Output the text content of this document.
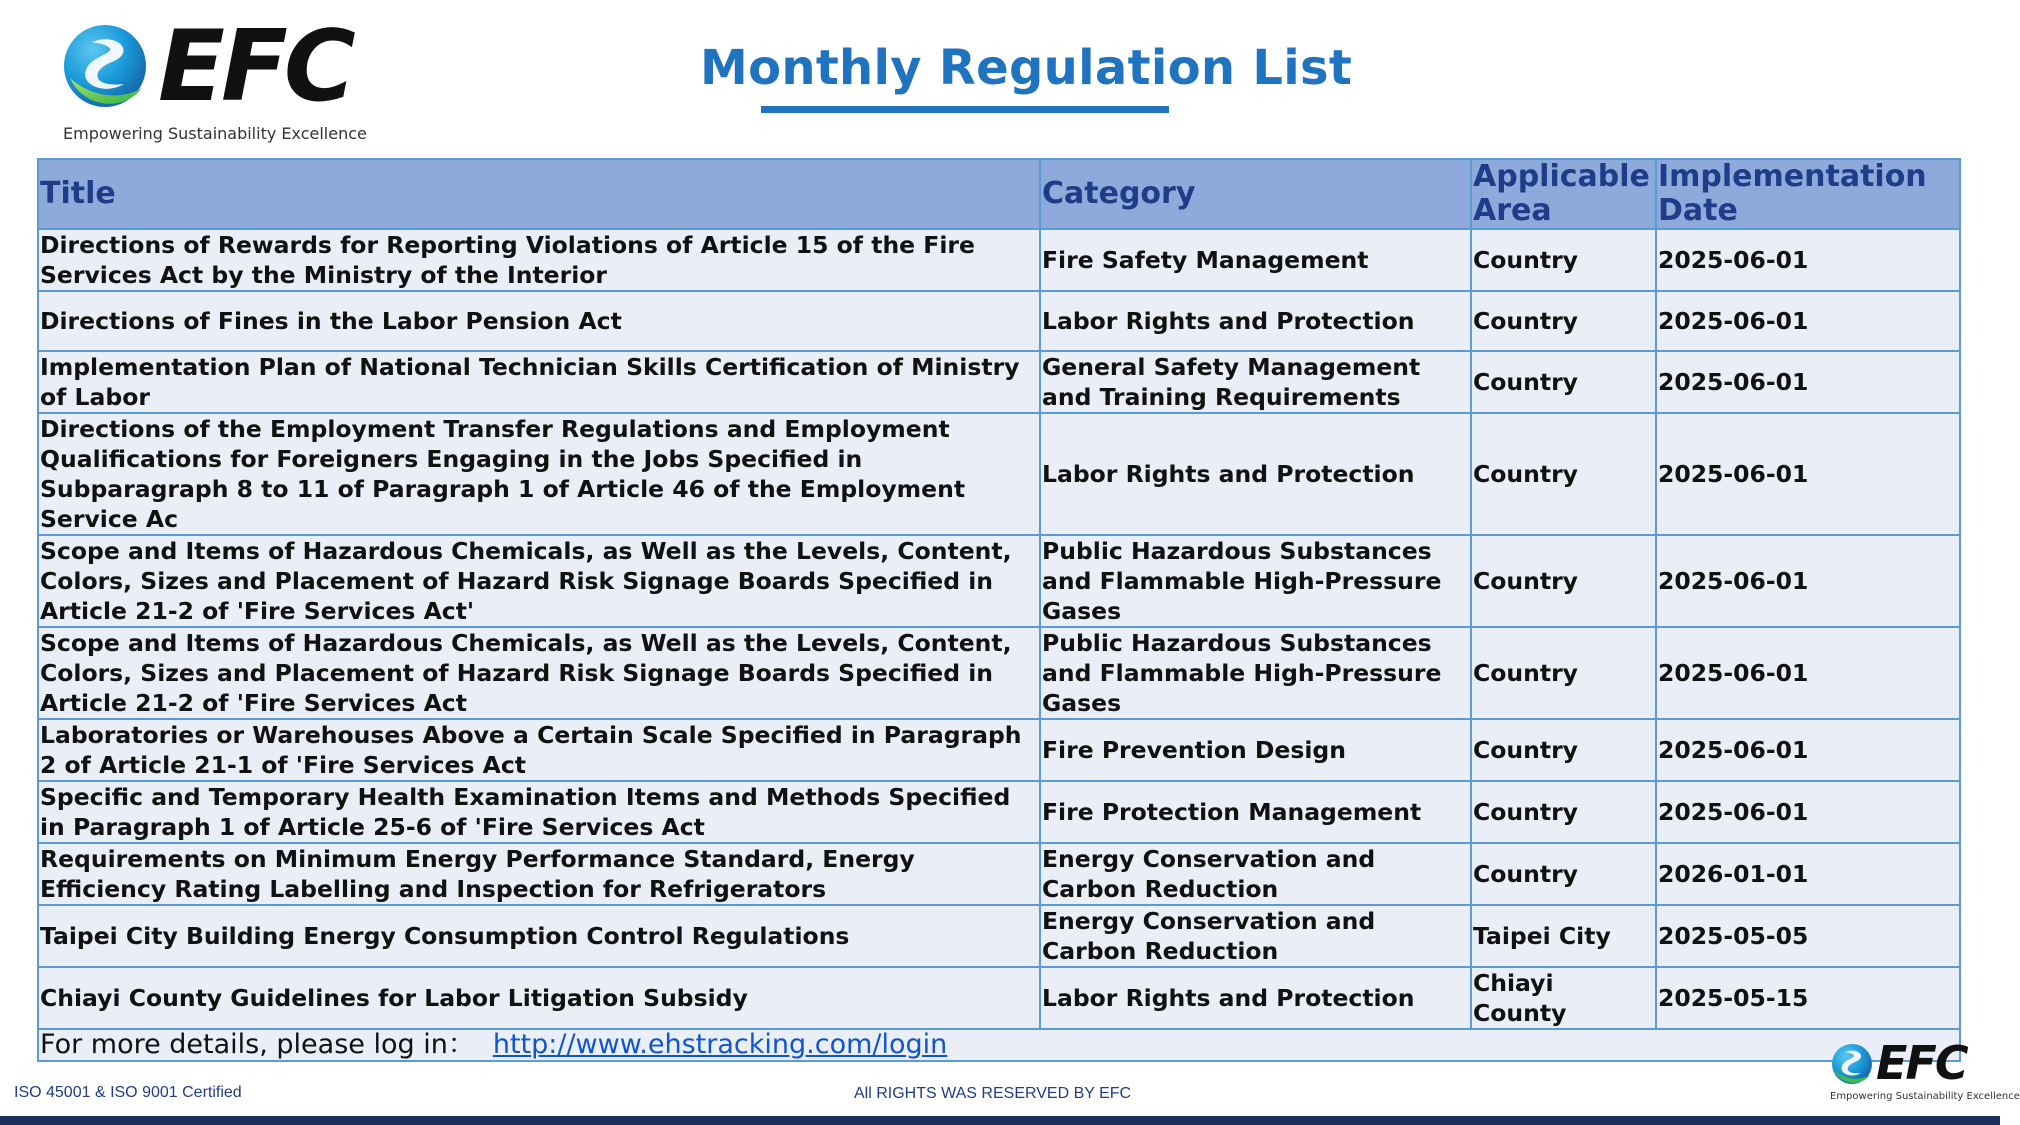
EFC
Empowering Sustainability Excellence
Monthly Regulation List
Title	Category	Applicable Area	Implementation Date
Directions of Rewards for Reporting Violations of Article 15 of the Fire Services Act by the Ministry of the Interior	Fire Safety Management	Country	2025-06-01
Directions of Fines in the Labor Pension Act	Labor Rights and Protection	Country	2025-06-01
Implementation Plan of National Technician Skills Certification of Ministry of Labor	General Safety Management and Training Requirements	Country	2025-06-01
Directions of the Employment Transfer Regulations and Employment Qualifications for Foreigners Engaging in the Jobs Specified in Subparagraph 8 to 11 of Paragraph 1 of Article 46 of the Employment Service Ac	Labor Rights and Protection	Country	2025-06-01
Scope and Items of Hazardous Chemicals, as Well as the Levels, Content, Colors, Sizes and Placement of Hazard Risk Signage Boards Specified in Article 21-2 of 'Fire Services Act'	Public Hazardous Substances and Flammable High-Pressure Gases	Country	2025-06-01
Scope and Items of Hazardous Chemicals, as Well as the Levels, Content, Colors, Sizes and Placement of Hazard Risk Signage Boards Specified in Article 21-2 of 'Fire Services Act	Public Hazardous Substances and Flammable High-Pressure Gases	Country	2025-06-01
Laboratories or Warehouses Above a Certain Scale Specified in Paragraph 2 of Article 21-1 of 'Fire Services Act	Fire Prevention Design	Country	2025-06-01
Specific and Temporary Health Examination Items and Methods Specified in Paragraph 1 of Article 25-6 of 'Fire Services Act	Fire Protection Management	Country	2025-06-01
Requirements on Minimum Energy Performance Standard, Energy Efficiency Rating Labelling and Inspection for Refrigerators	Energy Conservation and Carbon Reduction	Country	2026-01-01
Taipei City Building Energy Consumption Control Regulations	Energy Conservation and Carbon Reduction	Taipei City	2025-05-05
Chiayi County Guidelines for Labor Litigation Subsidy	Labor Rights and Protection	Chiayi County	2025-05-15
For more details, please log in： http://www.ehstracking.com/login			
ISO 45001 & ISO 9001 Certified	All RIGHTS WAS RESERVED BY EFC
EFC
Empowering Sustainability Excellence
